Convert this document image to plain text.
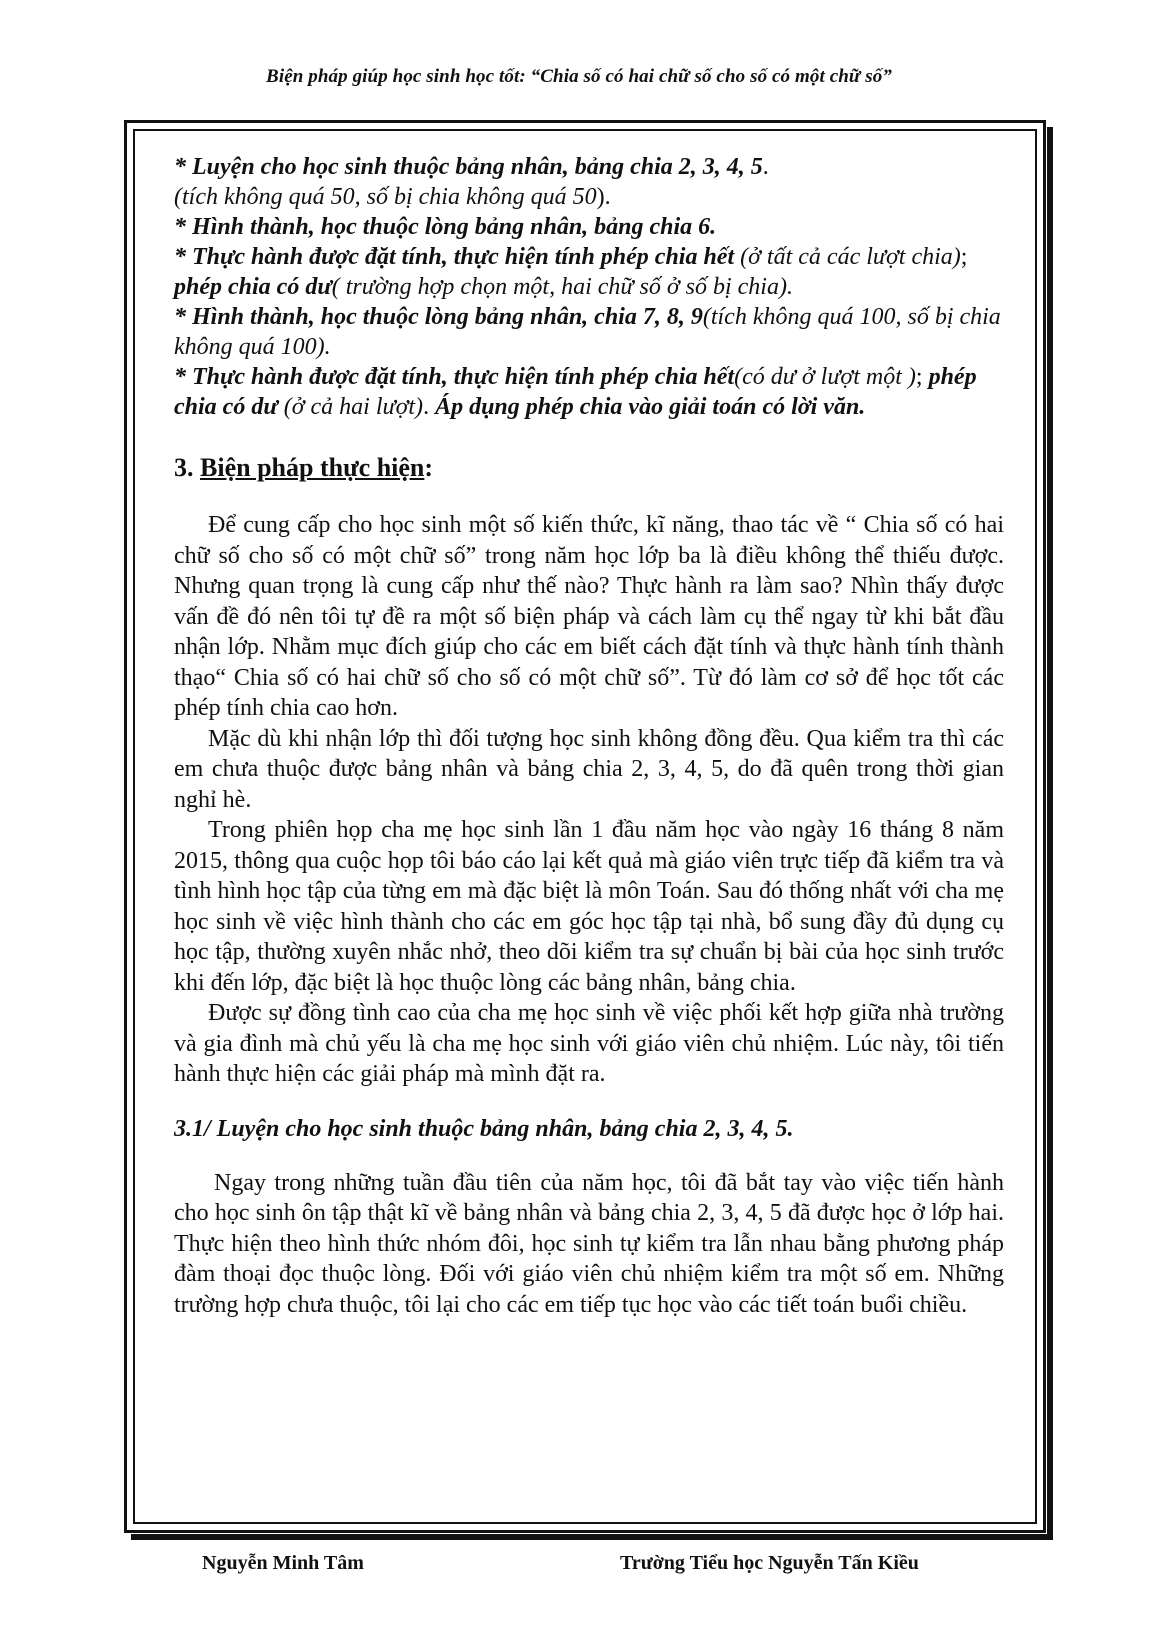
Biện pháp giúp học sinh học tốt: “Chia số có hai chữ số cho số có một chữ số”

* Luyện cho học sinh thuộc bảng nhân, bảng chia 2, 3, 4, 5.

(tích không quá 50, số bị chia không quá 50).

* Hình thành, học thuộc lòng bảng nhân, bảng chia 6.

* Thực hành được đặt tính, thực hiện tính phép chia hết (ở tất cả các lượt chia); phép chia có dư( trường hợp chọn một, hai chữ số ở số bị chia).

* Hình thành, học thuộc lòng bảng nhân, chia 7, 8, 9(tích không quá 100, số bị chia không quá 100).

* Thực hành được đặt tính, thực hiện tính phép chia hết(có dư ở lượt một ); phép chia có dư (ở cả hai lượt). Áp dụng phép chia vào giải toán có lời văn.

3. Biện pháp thực hiện:

Để cung cấp cho học sinh một số kiến thức, kĩ năng, thao tác về “ Chia số có hai chữ số cho số có một chữ số” trong năm học lớp ba là điều không thể thiếu được. Nhưng quan trọng là cung cấp như thế nào? Thực hành ra làm sao? Nhìn thấy được vấn đề đó nên tôi tự đề ra một số biện pháp và cách làm cụ thể ngay từ khi bắt đầu nhận lớp. Nhằm mục đích giúp cho các em biết cách đặt tính và thực hành tính thành thạo“ Chia số có hai chữ số cho số có một chữ số”. Từ đó làm cơ sở để học tốt các phép tính chia cao hơn.

Mặc dù khi nhận lớp thì đối tượng học sinh không đồng đều. Qua kiểm tra thì các em chưa thuộc được bảng nhân và bảng chia 2, 3, 4, 5, do đã quên trong thời gian nghỉ hè.

Trong phiên họp cha mẹ học sinh lần 1 đầu năm học vào ngày 16 tháng 8 năm 2015, thông qua cuộc họp tôi báo cáo lại kết quả mà giáo viên trực tiếp đã kiểm tra và tình hình học tập của từng em mà đặc biệt là môn Toán. Sau đó thống nhất với cha mẹ học sinh về việc hình thành cho các em góc học tập tại nhà, bổ sung đầy đủ dụng cụ học tập, thường xuyên nhắc nhở, theo dõi kiểm tra sự chuẩn bị bài của học sinh trước khi đến lớp, đặc biệt là học thuộc lòng các bảng nhân, bảng chia.

Được sự đồng tình cao của cha mẹ học sinh về việc phối kết hợp giữa nhà trường và gia đình mà chủ yếu là cha mẹ học sinh với giáo viên chủ nhiệm. Lúc này, tôi tiến hành thực hiện các giải pháp mà mình đặt ra.

3.1/ Luyện cho học sinh thuộc bảng nhân, bảng chia 2, 3, 4, 5.

Ngay trong những tuần đầu tiên của năm học, tôi đã bắt tay vào việc tiến hành cho học sinh ôn tập thật kĩ về bảng nhân và bảng chia 2, 3, 4, 5 đã được học ở lớp hai. Thực hiện theo hình thức nhóm đôi, học sinh tự kiểm tra lẫn nhau bằng phương pháp đàm thoại đọc thuộc lòng. Đối với giáo viên chủ nhiệm kiểm tra một số em. Những trường hợp chưa thuộc, tôi lại cho các em tiếp tục học vào các tiết toán buổi chiều.

Nguyễn Minh Tâm	Trường Tiểu học Nguyễn Tấn Kiều
